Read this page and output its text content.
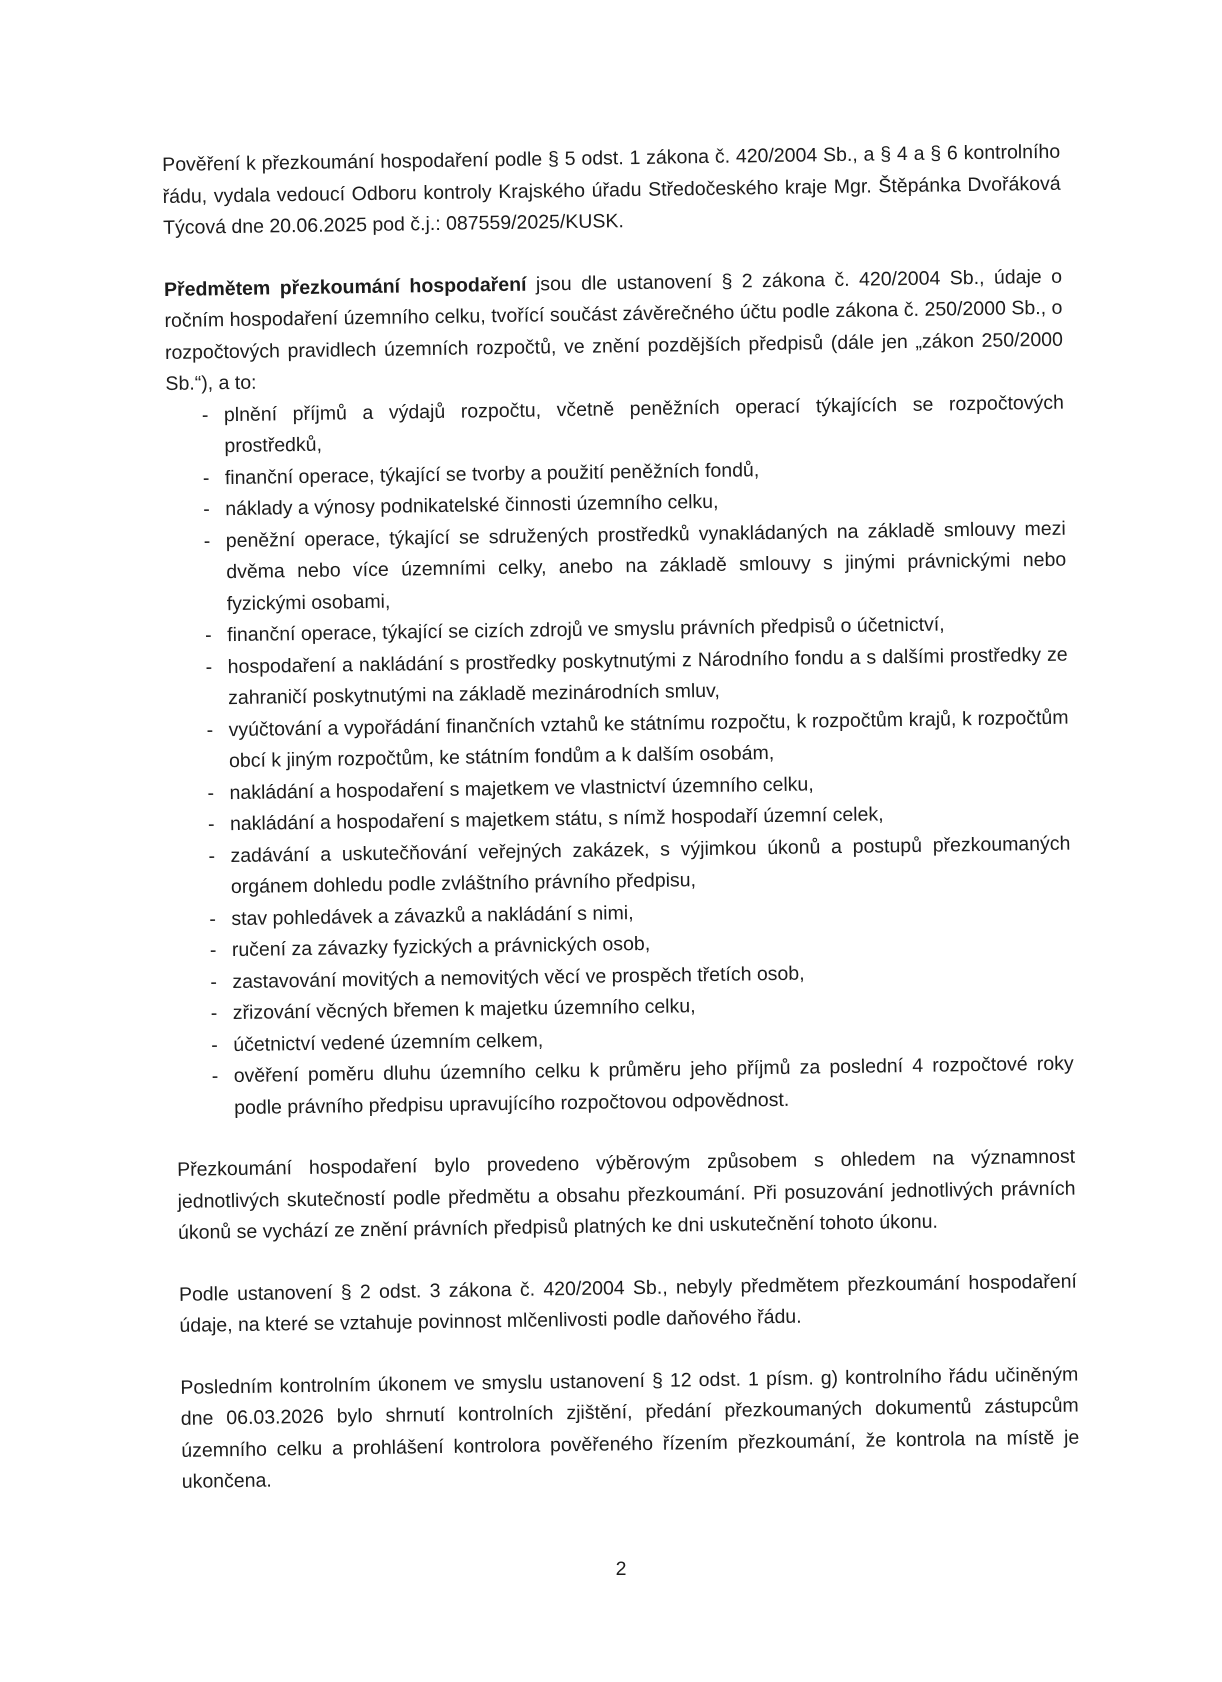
Pověření k přezkoumání hospodaření podle § 5 odst. 1 zákona č. 420/2004 Sb., a § 4 a § 6 kontrolního řádu, vydala vedoucí Odboru kontroly Krajského úřadu Středočeského kraje Mgr. Štěpánka Dvořáková Týcová dne 20.06.2025 pod č.j.: 087559/2025/KUSK.

Předmětem přezkoumání hospodaření jsou dle ustanovení § 2 zákona č. 420/2004 Sb., údaje o ročním hospodaření územního celku, tvořící součást závěrečného účtu podle zákona č. 250/2000 Sb., o rozpočtových pravidlech územních rozpočtů, ve znění pozdějších předpisů (dále jen „zákon 250/2000 Sb.“), a to:

- plnění příjmů a výdajů rozpočtu, včetně peněžních operací týkajících se rozpočtových prostředků,
- finanční operace, týkající se tvorby a použití peněžních fondů,
- náklady a výnosy podnikatelské činnosti územního celku,
- peněžní operace, týkající se sdružených prostředků vynakládaných na základě smlouvy mezi dvěma nebo více územními celky, anebo na základě smlouvy s jinými právnickými nebo fyzickými osobami,
- finanční operace, týkající se cizích zdrojů ve smyslu právních předpisů o účetnictví,
- hospodaření a nakládání s prostředky poskytnutými z Národního fondu a s dalšími prostředky ze zahraničí poskytnutými na základě mezinárodních smluv,
- vyúčtování a vypořádání finančních vztahů ke státnímu rozpočtu, k rozpočtům krajů, k rozpočtům obcí k jiným rozpočtům, ke státním fondům a k dalším osobám,
- nakládání a hospodaření s majetkem ve vlastnictví územního celku,
- nakládání a hospodaření s majetkem státu, s nímž hospodaří územní celek,
- zadávání a uskutečňování veřejných zakázek, s výjimkou úkonů a postupů přezkoumaných orgánem dohledu podle zvláštního právního předpisu,
- stav pohledávek a závazků a nakládání s nimi,
- ručení za závazky fyzických a právnických osob,
- zastavování movitých a nemovitých věcí ve prospěch třetích osob,
- zřizování věcných břemen k majetku územního celku,
- účetnictví vedené územním celkem,
- ověření poměru dluhu územního celku k průměru jeho příjmů za poslední 4 rozpočtové roky podle právního předpisu upravujícího rozpočtovou odpovědnost.

Přezkoumání hospodaření bylo provedeno výběrovým způsobem s ohledem na významnost jednotlivých skutečností podle předmětu a obsahu přezkoumání. Při posuzování jednotlivých právních úkonů se vychází ze znění právních předpisů platných ke dni uskutečnění tohoto úkonu.

Podle ustanovení § 2 odst. 3 zákona č. 420/2004 Sb., nebyly předmětem přezkoumání hospodaření údaje, na které se vztahuje povinnost mlčenlivosti podle daňového řádu.

Posledním kontrolním úkonem ve smyslu ustanovení § 12 odst. 1 písm. g) kontrolního řádu učiněným dne 06.03.2026 bylo shrnutí kontrolních zjištění, předání přezkoumaných dokumentů zástupcům územního celku a prohlášení kontrolora pověřeného řízením přezkoumání, že kontrola na místě je ukončena.

2
